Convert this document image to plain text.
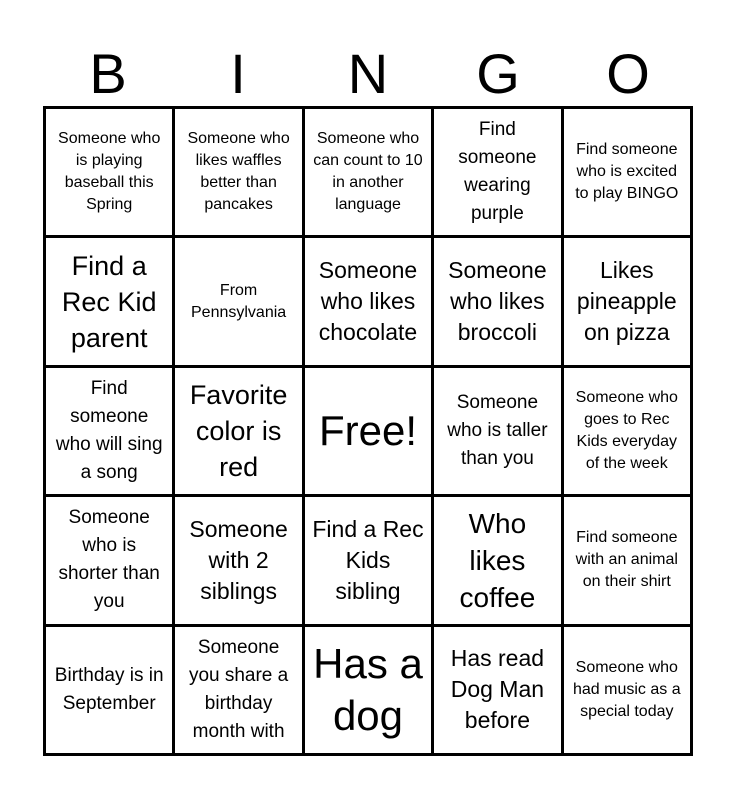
B	I	N	G	O
Someone who is playing baseball this Spring
Someone who likes waffles better than pancakes
Someone who can count to 10 in another language
Find someone wearing purple
Find someone who is excited to play BINGO
Find a Rec Kid parent
From Pennsylvania
Someone who likes chocolate
Someone who likes broccoli
Likes pineapple on pizza
Find someone who will sing a song
Favorite color is red
Free!
Someone who is taller than you
Someone who goes to Rec Kids everyday of the week
Someone who is shorter than you
Someone with 2 siblings
Find a Rec Kids sibling
Who likes coffee
Find someone with an animal on their shirt
Birthday is in September
Someone you share a birthday month with
Has a dog
Has read Dog Man before
Someone who had music as a special today
